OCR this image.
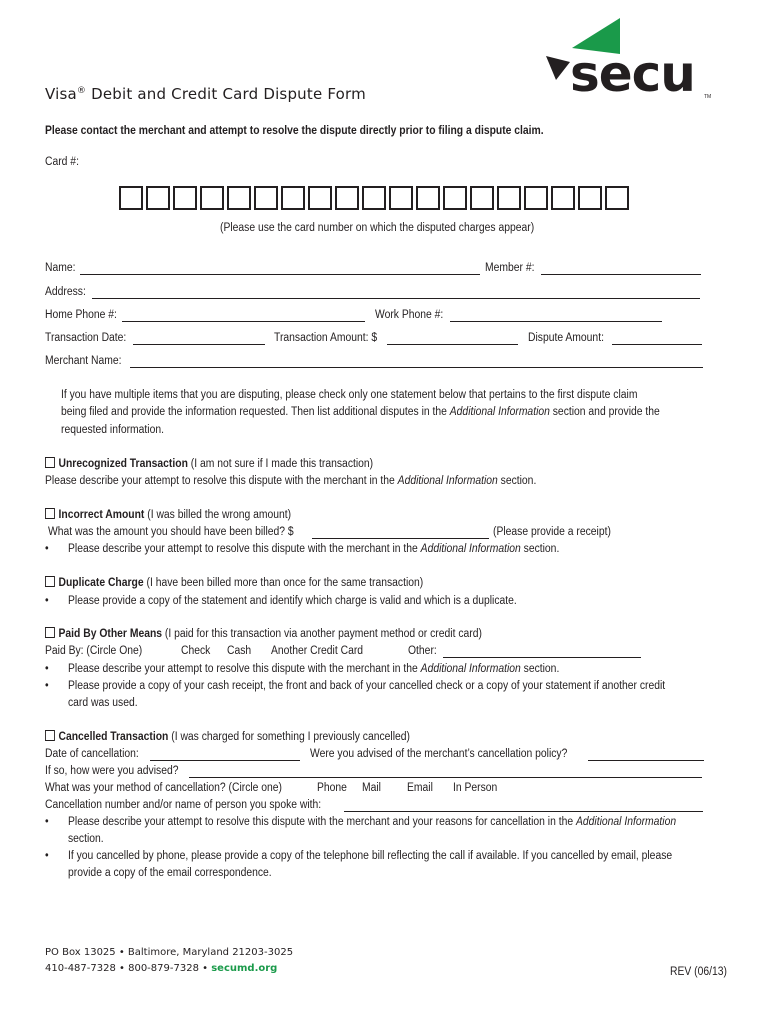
secu TM
Visa® Debit and Credit Card Dispute Form
Please contact the merchant and attempt to resolve the dispute directly prior to filing a dispute claim.
Card #:
(Please use the card number on which the disputed charges appear)
Name:	Member #:
Address:
Home Phone #:	Work Phone #:
Transaction Date:	Transaction Amount: $	Dispute Amount:
Merchant Name:
If you have multiple items that you are disputing, please check only one statement below that pertains to the first dispute claim
being filed and provide the information requested. Then list additional disputes in the Additional Information section and provide the
requested information.
Unrecognized Transaction (I am not sure if I made this transaction)
Please describe your attempt to resolve this dispute with the merchant in the Additional Information section.
Incorrect Amount (I was billed the wrong amount)
What was the amount you should have been billed? $	(Please provide a receipt)
• Please describe your attempt to resolve this dispute with the merchant in the Additional Information section.
Duplicate Charge (I have been billed more than once for the same transaction)
• Please provide a copy of the statement and identify which charge is valid and which is a duplicate.
Paid By Other Means (I paid for this transaction via another payment method or credit card)
Paid By: (Circle One)	Check Cash Another Credit Card	Other:
• Please describe your attempt to resolve this dispute with the merchant in the Additional Information section.
• Please provide a copy of your cash receipt, the front and back of your cancelled check or a copy of your statement if another credit
card was used.
Cancelled Transaction (I was charged for something I previously cancelled)
Date of cancellation:	Were you advised of the merchant’s cancellation policy?
If so, how were you advised?
What was your method of cancellation? (Circle one)	Phone Mail Email In Person
Cancellation number and/or name of person you spoke with:
• Please describe your attempt to resolve this dispute with the merchant and your reasons for cancellation in the Additional Information
section.
• If you cancelled by phone, please provide a copy of the telephone bill reflecting the call if available. If you cancelled by email, please
provide a copy of the email correspondence.
PO Box 13025 • Baltimore, Maryland 21203-3025
410-487-7328 • 800-879-7328 • secumd.org	REV (06/13)
